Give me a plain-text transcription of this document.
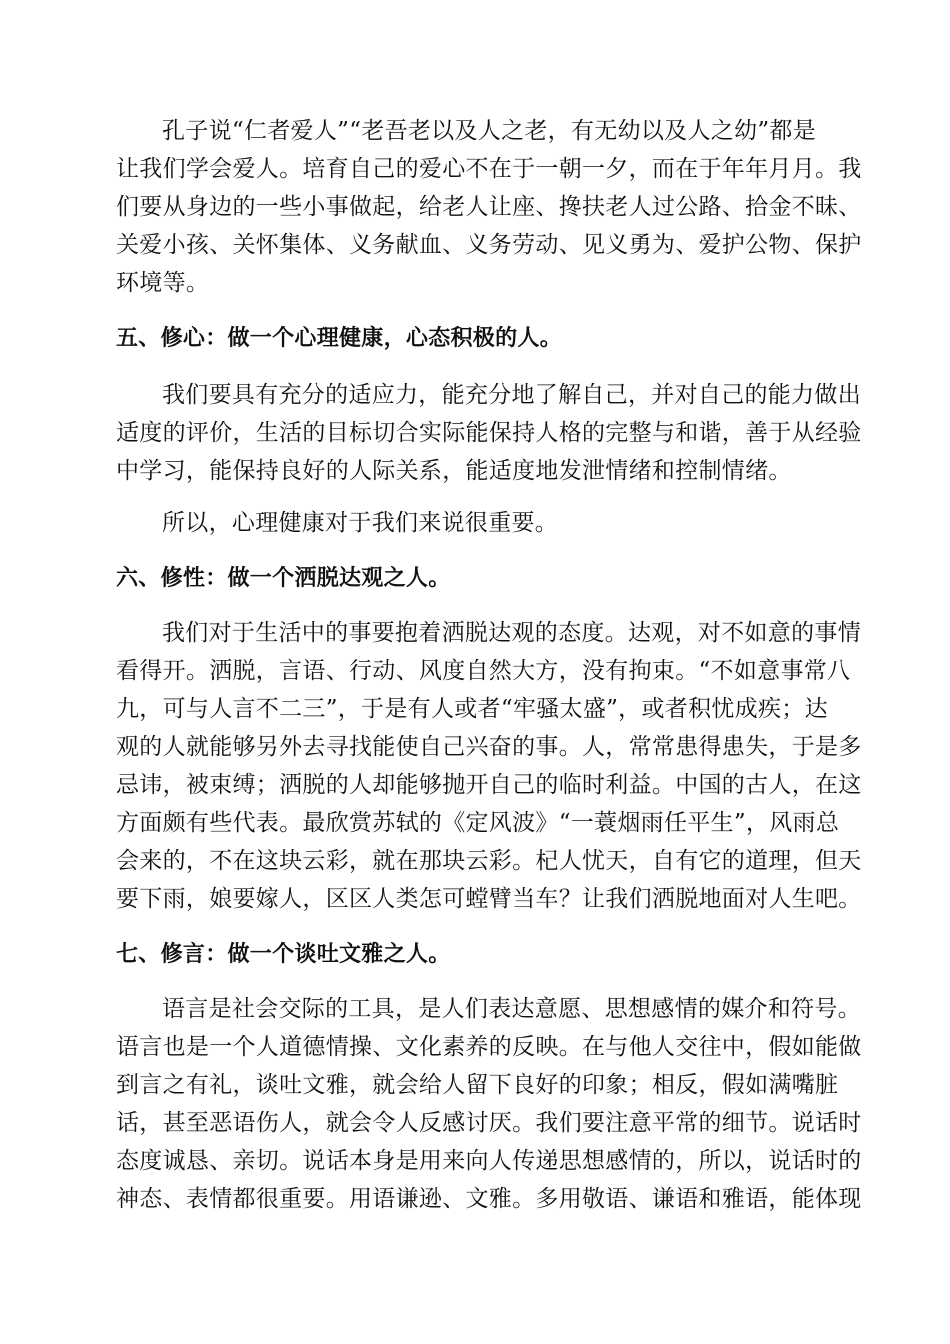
孔子说“仁者爱人”“老吾老以及人之老，有无幼以及人之幼”都是
让我们学会爱人。培育自己的爱心不在于一朝一夕，而在于年年月月。我
们要从身边的一些小事做起，给老人让座、搀扶老人过公路、拾金不昧、
关爱小孩、关怀集体、义务献血、义务劳动、见义勇为、爱护公物、保护
环境等。
五、修心：做一个心理健康，心态积极的人。
我们要具有充分的适应力，能充分地了解自己，并对自己的能力做出
适度的评价，生活的目标切合实际能保持人格的完整与和谐，善于从经验
中学习，能保持良好的人际关系，能适度地发泄情绪和控制情绪。
所以，心理健康对于我们来说很重要。
六、修性：做一个洒脱达观之人。
我们对于生活中的事要抱着洒脱达观的态度。达观，对不如意的事情
看得开。洒脱，言语、行动、风度自然大方，没有拘束。“不如意事常八
九，可与人言不二三”，于是有人或者“牢骚太盛”，或者积忧成疾；达
观的人就能够另外去寻找能使自己兴奋的事。人，常常患得患失，于是多
忌讳，被束缚；洒脱的人却能够抛开自己的临时利益。中国的古人，在这
方面颇有些代表。最欣赏苏轼的《定风波》“一蓑烟雨任平生”，风雨总
会来的，不在这块云彩，就在那块云彩。杞人忧天，自有它的道理，但天
要下雨，娘要嫁人，区区人类怎可螳臂当车？让我们洒脱地面对人生吧。
七、修言：做一个谈吐文雅之人。
语言是社会交际的工具，是人们表达意愿、思想感情的媒介和符号。
语言也是一个人道德情操、文化素养的反映。在与他人交往中，假如能做
到言之有礼，谈吐文雅，就会给人留下良好的印象；相反，假如满嘴脏
话，甚至恶语伤人，就会令人反感讨厌。我们要注意平常的细节。说话时
态度诚恳、亲切。说话本身是用来向人传递思想感情的，所以，说话时的
神态、表情都很重要。用语谦逊、文雅。多用敬语、谦语和雅语，能体现
